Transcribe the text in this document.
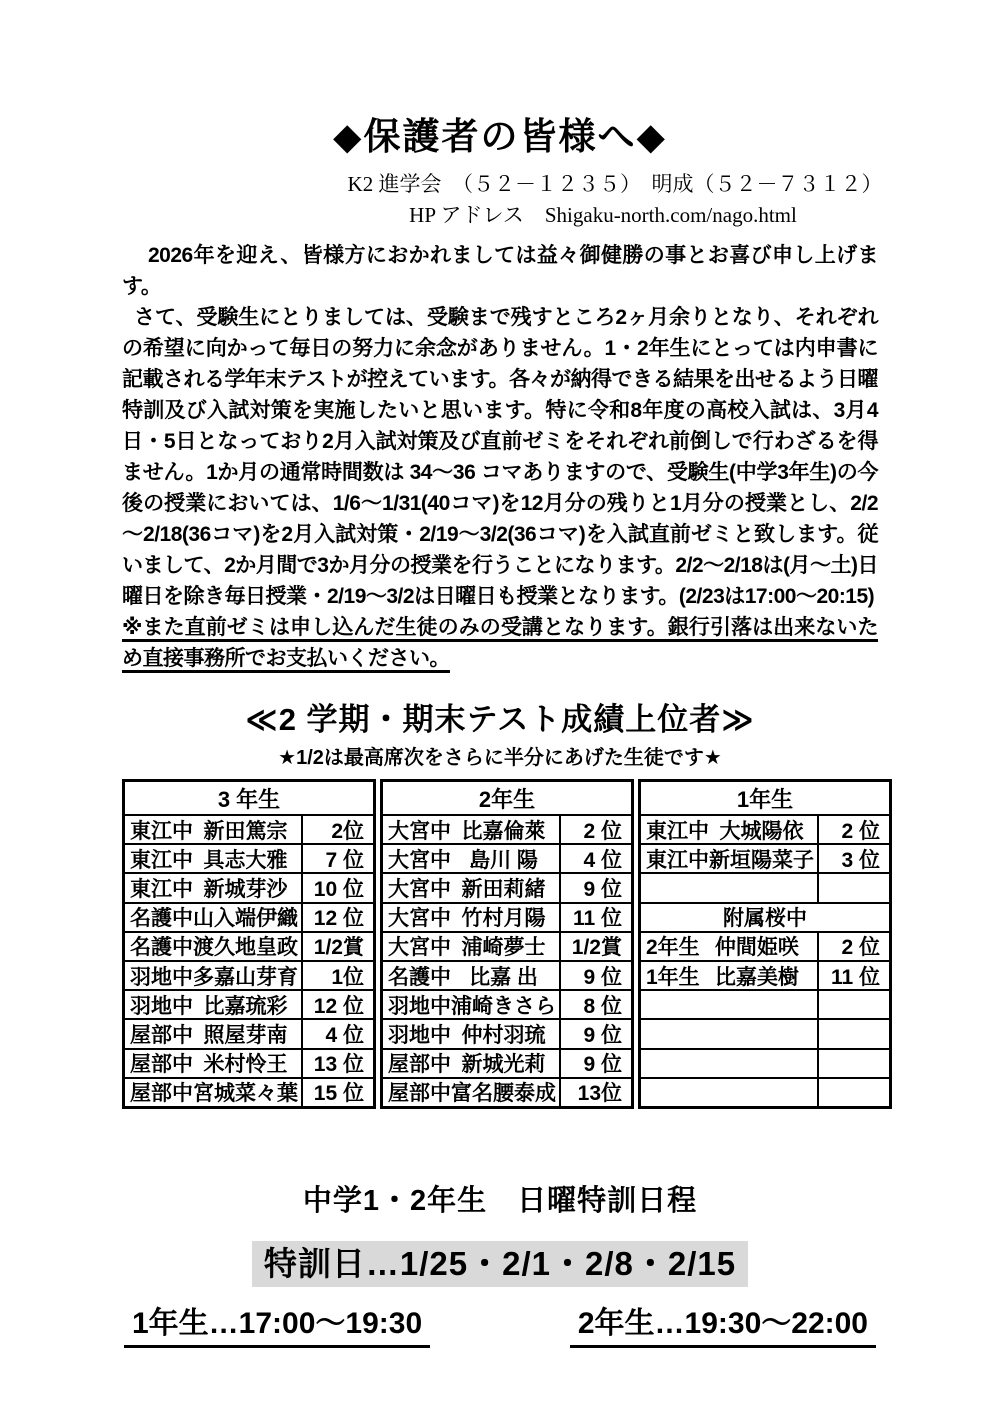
◆保護者の皆様へ◆
K2 進学会　（５２－１２３５）　明成（５２－７３１２）
HP アドレス　Shigaku-north.com/nago.html

2026年を迎え、皆様方におかれましては益々御健勝の事とお喜び申し上げます。

さて、受験生にとりましては、受験まで残すところ2ヶ月余りとなり、それぞれの希望に向かって毎日の努力に余念がありません。1・2年生にとっては内申書に記載される学年末テストが控えています。各々が納得できる結果を出せるよう日曜特訓及び入試対策を実施したいと思います。特に令和8年度の高校入試は、3月4日・5日となっており2月入試対策及び直前ゼミをそれぞれ前倒しで行わざるを得ません。1か月の通常時間数は 34～36 コマありますので、受験生(中学3年生)の今後の授業においては、1/6～1/31(40コマ)を12月分の残りと1月分の授業とし、2/2～2/18(36コマ)を2月入試対策・2/19～3/2(36コマ)を入試直前ゼミと致します。従いまして、2か月間で3か月分の授業を行うことになります。2/2～2/18は(月～土)日曜日を除き毎日授業・2/19～3/2は日曜日も授業となります。(2/23は17:00～20:15)

※また直前ゼミは申し込んだ生徒のみの受講となります。銀行引落は出来ないため直接事務所でお支払いください。

≪2 学期・期末テスト成績上位者≫
★1/2は最高席次をさらに半分にあげた生徒です★
3 年生
東江中 新田篤宗	2位
東江中 具志大雅	7 位
東江中 新城芽沙	10 位
名護中 山入端伊織 12 位
名護中 渡久地皇政 1/2賞
羽地中 多嘉山芽育	1位
羽地中 比嘉琉彩	12 位
屋部中 照屋芽南	4 位
屋部中 米村怜王	13 位
屋部中 宮城菜々葉 15 位
2年生
大宮中 比嘉倫萊	2 位
大宮中 島川 陽	4 位
大宮中 新田莉緒	9 位
大宮中 竹村月陽	11 位
大宮中 浦崎夢士	1/2賞
名護中 比嘉 出	9 位
羽地中 浦崎きさら	8 位
羽地中 仲村羽琉	9 位
屋部中 新城光莉	9 位
屋部中 富名腰泰成	13位
1年生
東江中 大城陽依	2 位
東江中 新垣陽菜子	3 位
附属桜中
2年生 仲間姫咲	2 位
1年生 比嘉美樹	11 位
中学1・2年生　日曜特訓日程
特訓日…1/25・2/1・2/8・2/15
1年生…17:00～19:30	2年生…19:30～22:00
